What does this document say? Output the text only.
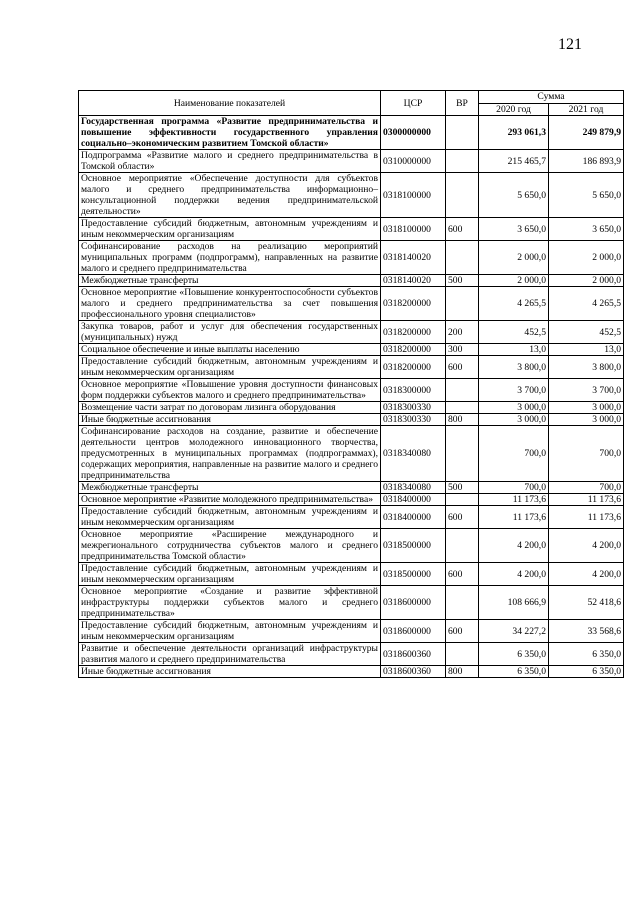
121
Наименование показателей	ЦСР	ВР	Сумма	
			2020 год	2021 год
Государственная программа «Развитие предпринимательства и повышение эффективности государственного управления социально–экономическим развитием Томской области»	0300000000		293 061,3	249 879,9
Подпрограмма «Развитие малого и среднего предпринимательства в Томской области»	0310000000		215 465,7	186 893,9
Основное мероприятие «Обеспечение доступности для субъектов малого и среднего предпринимательства информационно–консультационной поддержки ведения предпринимательской деятельности»	0318100000		5 650,0	5 650,0
Предоставление субсидий бюджетным, автономным учреждениям и иным некоммерческим организациям	0318100000	600	3 650,0	3 650,0
Софинансирование расходов на реализацию мероприятий муниципальных программ (подпрограмм), направленных на развитие малого и среднего предпринимательства	0318140020		2 000,0	2 000,0
Межбюджетные трансферты	0318140020	500	2 000,0	2 000,0
Основное мероприятие «Повышение конкурентоспособности субъектов малого и среднего предпринимательства за счет повышения профессионального уровня специалистов»	0318200000		4 265,5	4 265,5
Закупка товаров, работ и услуг для обеспечения государственных (муниципальных) нужд	0318200000	200	452,5	452,5
Социальное обеспечение и иные выплаты населению	0318200000	300	13,0	13,0
Предоставление субсидий бюджетным, автономным учреждениям и иным некоммерческим организациям	0318200000	600	3 800,0	3 800,0
Основное мероприятие «Повышение уровня доступности финансовых форм поддержки субъектов малого и среднего предпринимательства»	0318300000		3 700,0	3 700,0
Возмещение части затрат по договорам лизинга оборудования	0318300330		3 000,0	3 000,0
Иные бюджетные ассигнования	0318300330	800	3 000,0	3 000,0
Софинансирование расходов на создание, развитие и обеспечение деятельности центров молодежного инновационного творчества, предусмотренных в муниципальных программах (подпрограммах), содержащих мероприятия, направленные на развитие малого и среднего предпринимательства	0318340080		700,0	700,0
Межбюджетные трансферты	0318340080	500	700,0	700,0
Основное мероприятие «Развитие молодежного предпринимательства»	0318400000		11 173,6	11 173,6
Предоставление субсидий бюджетным, автономным учреждениям и иным некоммерческим организациям	0318400000	600	11 173,6	11 173,6
Основное мероприятие «Расширение международного и межрегионального сотрудничества субъектов малого и среднего предпринимательства Томской области»	0318500000		4 200,0	4 200,0
Предоставление субсидий бюджетным, автономным учреждениям и иным некоммерческим организациям	0318500000	600	4 200,0	4 200,0
Основное мероприятие «Создание и развитие эффективной инфраструктуры поддержки субъектов малого и среднего предпринимательства»	0318600000		108 666,9	52 418,6
Предоставление субсидий бюджетным, автономным учреждениям и иным некоммерческим организациям	0318600000	600	34 227,2	33 568,6
Развитие и обеспечение деятельности организаций инфраструктуры развития малого и среднего предпринимательства	0318600360		6 350,0	6 350,0
Иные бюджетные ассигнования	0318600360	800	6 350,0	6 350,0
